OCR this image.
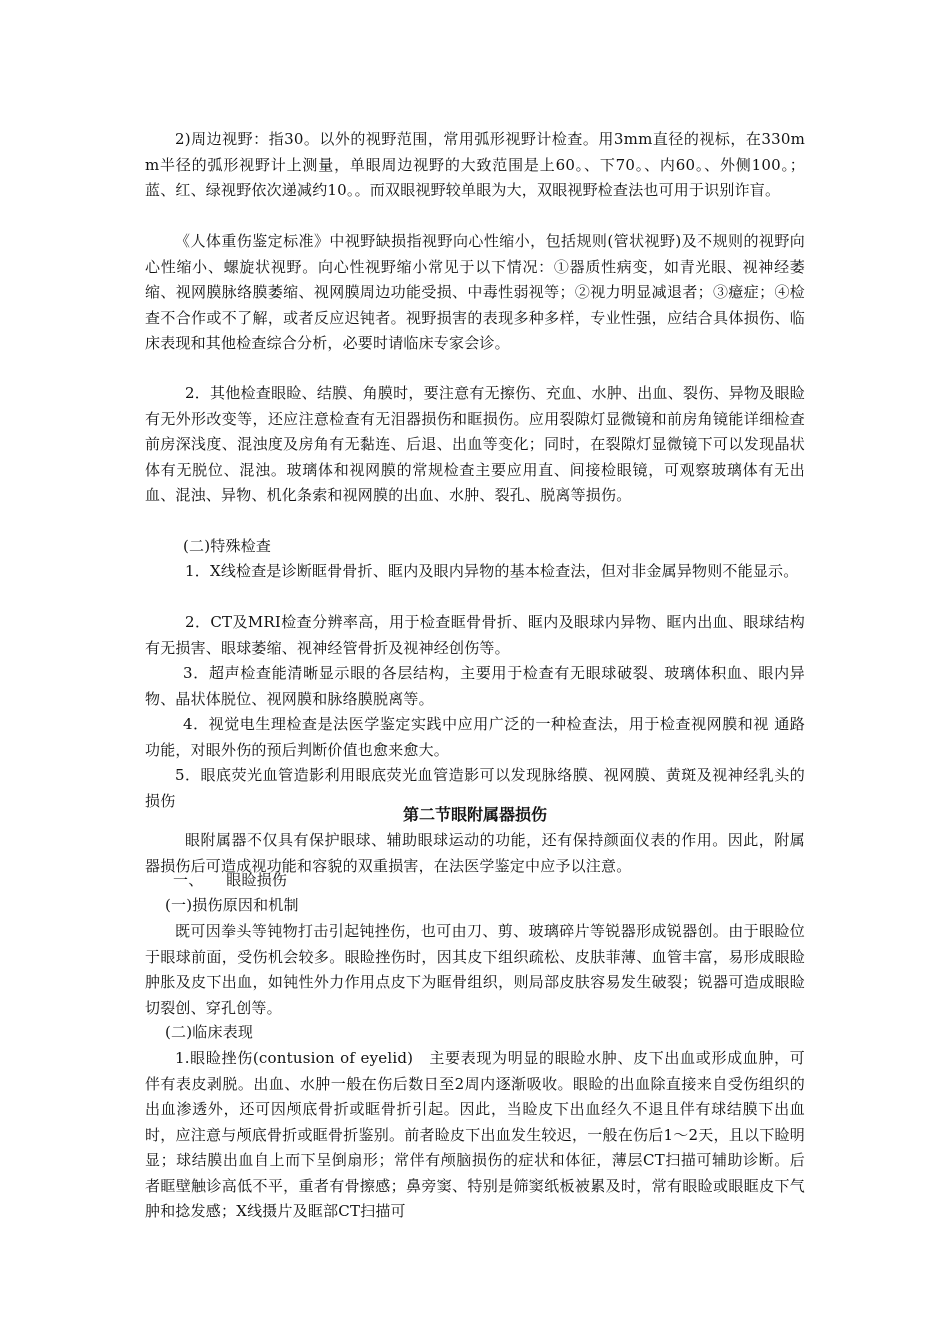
2)周边视野：指30。以外的视野范围，常用弧形视野计检查。用3mm直径的视标，在330mm半径的弧形视野计上测量，单眼周边视野的大致范围是上60。、下70。、内60。、外侧100。；蓝、红、绿视野依次递减约10。。而双眼视野较单眼为大，双眼视野检查法也可用于识别诈盲。

《人体重伤鉴定标准》中视野缺损指视野向心性缩小，包括规则(管状视野)及不规则的视野向心性缩小、螺旋状视野。向心性视野缩小常见于以下情况：①器质性病变，如青光眼、视神经萎缩、视网膜脉络膜萎缩、视网膜周边功能受损、中毒性弱视等；②视力明显减退者；③癔症；④检查不合作或不了解，或者反应迟钝者。视野损害的表现多种多样，专业性强，应结合具体损伤、临床表现和其他检查综合分析，必要时请临床专家会诊。

2．其他检查眼睑、结膜、角膜时，要注意有无擦伤、充血、水肿、出血、裂伤、异物及眼睑有无外形改变等，还应注意检查有无泪器损伤和眶损伤。应用裂隙灯显微镜和前房角镜能详细检查前房深浅度、混浊度及房角有无黏连、后退、出血等变化；同时，在裂隙灯显微镜下可以发现晶状体有无脱位、混浊。玻璃体和视网膜的常规检查主要应用直、间接检眼镜，可观察玻璃体有无出血、混浊、异物、机化条索和视网膜的出血、水肿、裂孔、脱离等损伤。

(二)特殊检查

1．X线检查是诊断眶骨骨折、眶内及眼内异物的基本检查法，但对非金属异物则不能显示。

2．CT及MRI检查分辨率高，用于检查眶骨骨折、眶内及眼球内异物、眶内出血、眼球结构有无损害、眼球萎缩、视神经管骨折及视神经创伤等。

3．超声检查能清晰显示眼的各层结构，主要用于检查有无眼球破裂、玻璃体积血、眼内异物、晶状体脱位、视网膜和脉络膜脱离等。

4．视觉电生理检查是法医学鉴定实践中应用广泛的一种检查法，用于检查视网膜和视 通路功能，对眼外伤的预后判断价值也愈来愈大。

5．眼底荧光血管造影利用眼底荧光血管造影可以发现脉络膜、视网膜、黄斑及视神经乳头的损伤

第二节眼附属器损伤

眼附属器不仅具有保护眼球、辅助眼球运动的功能，还有保持颜面仪表的作用。因此，附属器损伤后可造成视功能和容貌的双重损害，在法医学鉴定中应予以注意。

一、　　眼睑损伤

(一)损伤原因和机制

既可因拳头等钝物打击引起钝挫伤，也可由刀、剪、玻璃碎片等锐器形成锐器创。由于眼睑位于眼球前面，受伤机会较多。眼睑挫伤时，因其皮下组织疏松、皮肤菲薄、血管丰富，易形成眼睑肿胀及皮下出血，如钝性外力作用点皮下为眶骨组织，则局部皮肤容易发生破裂；锐器可造成眼睑切裂创、穿孔创等。

(二)临床表现

1.眼睑挫伤(contusion of eyelid)　主要表现为明显的眼睑水肿、皮下出血或形成血肿，可伴有表皮剥脱。出血、水肿一般在伤后数日至2周内逐渐吸收。眼睑的出血除直接来自受伤组织的出血渗透外，还可因颅底骨折或眶骨折引起。因此，当睑皮下出血经久不退且伴有球结膜下出血时，应注意与颅底骨折或眶骨折鉴别。前者睑皮下出血发生较迟，一般在伤后1～2天，且以下睑明显；球结膜出血自上而下呈倒扇形；常伴有颅脑损伤的症状和体征，薄层CT扫描可辅助诊断。后者眶壁触诊高低不平，重者有骨擦感；鼻旁窦、特别是筛窦纸板被累及时，常有眼睑或眼眶皮下气肿和捻发感；X线摄片及眶部CT扫描可
